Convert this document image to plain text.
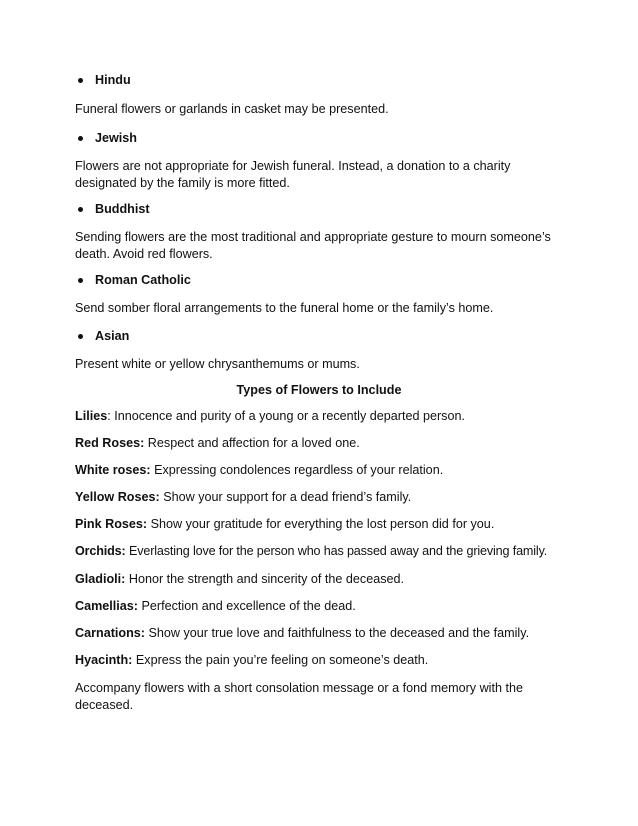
Hindu
Funeral flowers or garlands in casket may be presented.
Jewish
Flowers are not appropriate for Jewish funeral. Instead, a donation to a charity designated by the family is more fitted.
Buddhist
Sending flowers are the most traditional and appropriate gesture to mourn someone’s death. Avoid red flowers.
Roman Catholic
Send somber floral arrangements to the funeral home or the family’s home.
Asian
Present white or yellow chrysanthemums or mums.
Types of Flowers to Include
Lilies: Innocence and purity of a young or a recently departed person.
Red Roses: Respect and affection for a loved one.
White roses: Expressing condolences regardless of your relation.
Yellow Roses: Show your support for a dead friend’s family.
Pink Roses: Show your gratitude for everything the lost person did for you.
Orchids: Everlasting love for the person who has passed away and the grieving family.
Gladioli: Honor the strength and sincerity of the deceased.
Camellias: Perfection and excellence of the dead.
Carnations: Show your true love and faithfulness to the deceased and the family.
Hyacinth: Express the pain you’re feeling on someone’s death.
Accompany flowers with a short consolation message or a fond memory with the deceased.
